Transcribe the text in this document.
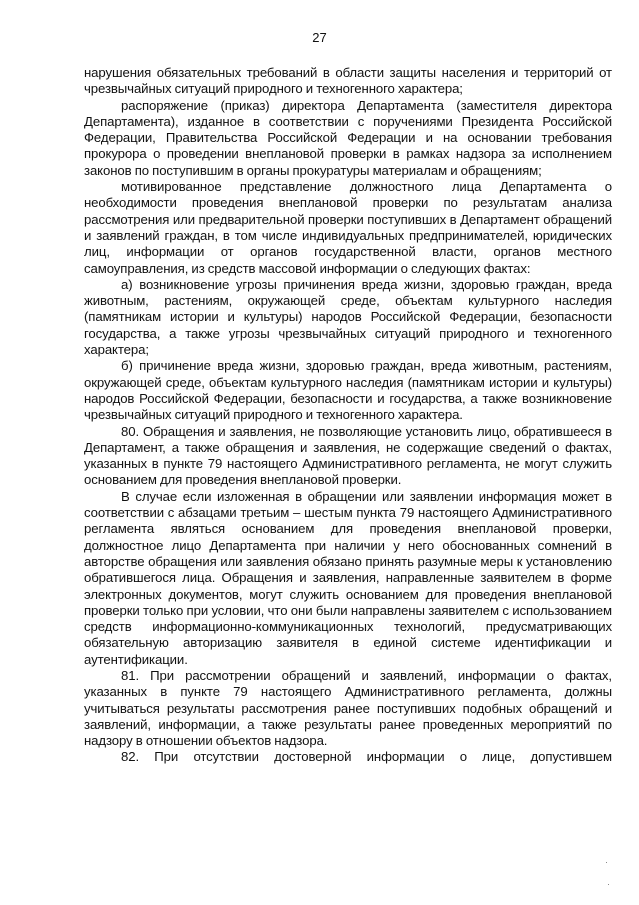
27

нарушения обязательных требований в области защиты населения и территорий от чрезвычайных ситуаций природного и техногенного характера;

распоряжение (приказ) директора Департамента (заместителя директора Департамента), изданное в соответствии с поручениями Президента Российской Федерации, Правительства Российской Федерации и на основании требования прокурора о проведении внеплановой проверки в рамках надзора за исполнением законов по поступившим в органы прокуратуры материалам и обращениям;

мотивированное представление должностного лица Департамента о необходимости проведения внеплановой проверки по результатам анализа рассмотрения или предварительной проверки поступивших в Департамент обращений и заявлений граждан, в том числе индивидуальных предпринимателей, юридических лиц, информации от органов государственной власти, органов местного самоуправления, из средств массовой информации о следующих фактах:

а) возникновение угрозы причинения вреда жизни, здоровью граждан, вреда животным, растениям, окружающей среде, объектам культурного наследия (памятникам истории и культуры) народов Российской Федерации, безопасности государства, а также угрозы чрезвычайных ситуаций природного и техногенного характера;

б) причинение вреда жизни, здоровью граждан, вреда животным, растениям, окружающей среде, объектам культурного наследия (памятникам истории и культуры) народов Российской Федерации, безопасности и государства, а также возникновение чрезвычайных ситуаций природного и техногенного характера.

80. Обращения и заявления, не позволяющие установить лицо, обратившееся в Департамент, а также обращения и заявления, не содержащие сведений о фактах, указанных в пункте 79 настоящего Административного регламента, не могут служить основанием для проведения внеплановой проверки.

В случае если изложенная в обращении или заявлении информация может в соответствии с абзацами третьим – шестым пункта 79 настоящего Административного регламента являться основанием для проведения внеплановой проверки, должностное лицо Департамента при наличии у него обоснованных сомнений в авторстве обращения или заявления обязано принять разумные меры к установлению обратившегося лица. Обращения и заявления, направленные заявителем в форме электронных документов, могут служить основанием для проведения внеплановой проверки только при условии, что они были направлены заявителем с использованием средств информационно-коммуникационных технологий, предусматривающих обязательную авторизацию заявителя в единой системе идентификации и аутентификации.

81. При рассмотрении обращений и заявлений, информации о фактах, указанных в пункте 79 настоящего Административного регламента, должны учитываться результаты рассмотрения ранее поступивших подобных обращений и заявлений, информации, а также результаты ранее проведенных мероприятий по надзору в отношении объектов надзора.

82. При отсутствии достоверной информации о лице, допустившем
